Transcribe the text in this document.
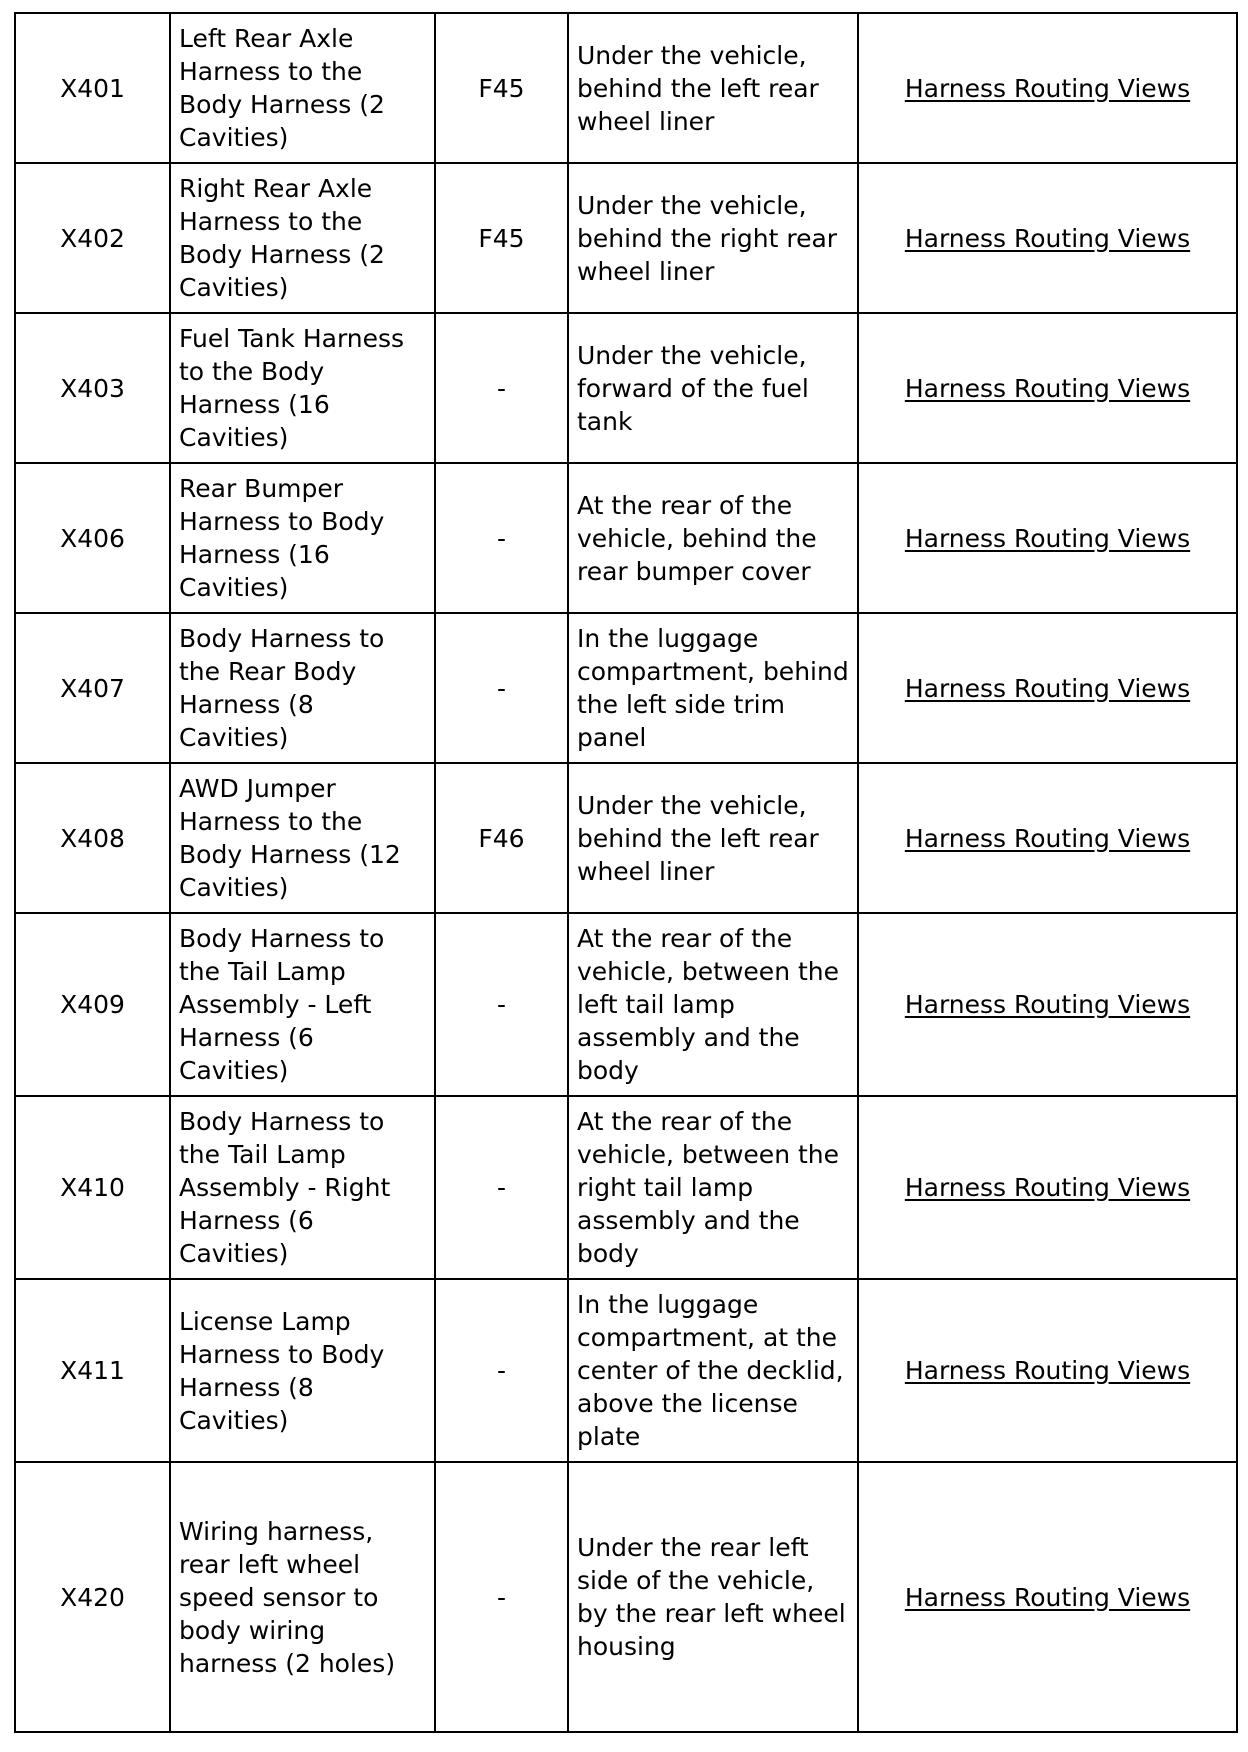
X401	Left Rear Axle Harness to the Body Harness (2 Cavities)	F45	Under the vehicle, behind the left rear wheel liner	Harness Routing Views
X402	Right Rear Axle Harness to the Body Harness (2 Cavities)	F45	Under the vehicle, behind the right rear wheel liner	Harness Routing Views
X403	Fuel Tank Harness to the Body Harness (16 Cavities)	-	Under the vehicle, forward of the fuel tank	Harness Routing Views
X406	Rear Bumper Harness to Body Harness (16 Cavities)	-	At the rear of the vehicle, behind the rear bumper cover	Harness Routing Views
X407	Body Harness to the Rear Body Harness (8 Cavities)	-	In the luggage compartment, behind the left side trim panel	Harness Routing Views
X408	AWD Jumper Harness to the Body Harness (12 Cavities)	F46	Under the vehicle, behind the left rear wheel liner	Harness Routing Views
X409	Body Harness to the Tail Lamp Assembly - Left Harness (6 Cavities)	-	At the rear of the vehicle, between the left tail lamp assembly and the body	Harness Routing Views
X410	Body Harness to the Tail Lamp Assembly - Right Harness (6 Cavities)	-	At the rear of the vehicle, between the right tail lamp assembly and the body	Harness Routing Views
X411	License Lamp Harness to Body Harness (8 Cavities)	-	In the luggage compartment, at the center of the decklid, above the license plate	Harness Routing Views
X420	Wiring harness, rear left wheel speed sensor to body wiring harness (2 holes)	-	Under the rear left side of the vehicle, by the rear left wheel housing	Harness Routing Views
